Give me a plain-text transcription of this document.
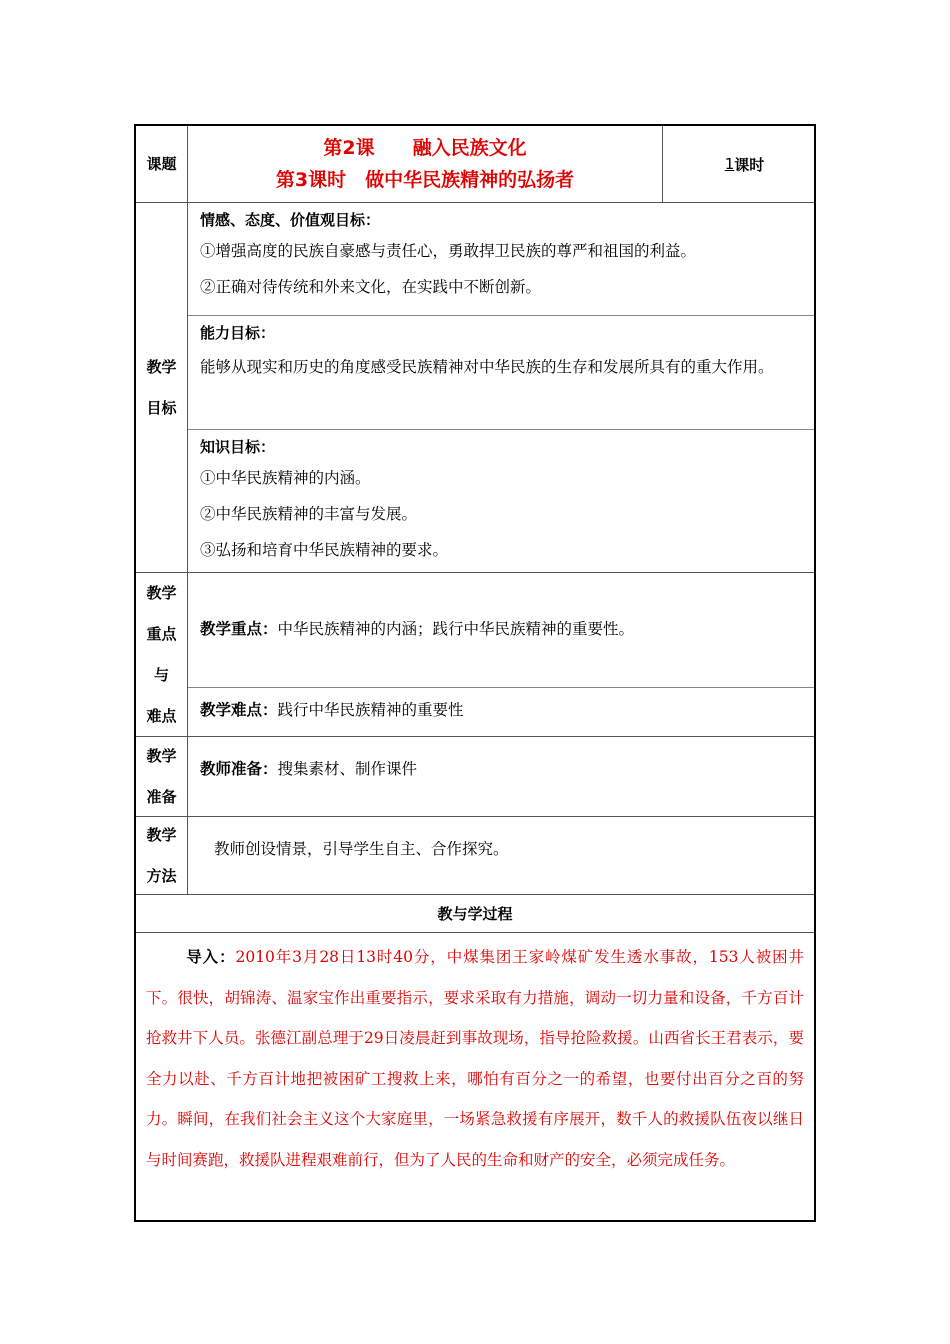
课题
第2课　　融入民族文化
第3课时　做中华民族精神的弘扬者
1 课时
教学
目标
情感、态度、价值观目标：
①增强高度的民族自豪感与责任心，勇敢捍卫民族的尊严和祖国的利益。
②正确对待传统和外来文化，在实践中不断创新。
能力目标：
能够从现实和历史的角度感受民族精神对中华民族的生存和发展所具有的重大作用。
知识目标：
①中华民族精神的内涵。
②中华民族精神的丰富与发展。
③弘扬和培育中华民族精神的要求。
教学
重点
与
难点
教学重点：中华民族精神的内涵；践行中华民族精神的重要性。
教学难点：践行中华民族精神的重要性
教学
准备
教师准备：搜集素材、制作课件
教学
方法
教师创设情景，引导学生自主、合作探究。
教与学过程
导入：2010年3月28日13时40分，中煤集团王家岭煤矿发生透水事故，153人被困井下。很快，胡锦涛、温家宝作出重要指示，要求采取有力措施，调动一切力量和设备，千方百计抢救井下人员。张德江副总理于29日凌晨赶到事故现场，指导抢险救援。山西省长王君表示，要全力以赴、千方百计地把被困矿工搜救上来，哪怕有百分之一的希望，也要付出百分之百的努力。瞬间，在我们社会主义这个大家庭里，一场紧急救援有序展开，数千人的救援队伍夜以继日与时间赛跑，救援队进程艰难前行，但为了人民的生命和财产的安全，必须完成任务。
